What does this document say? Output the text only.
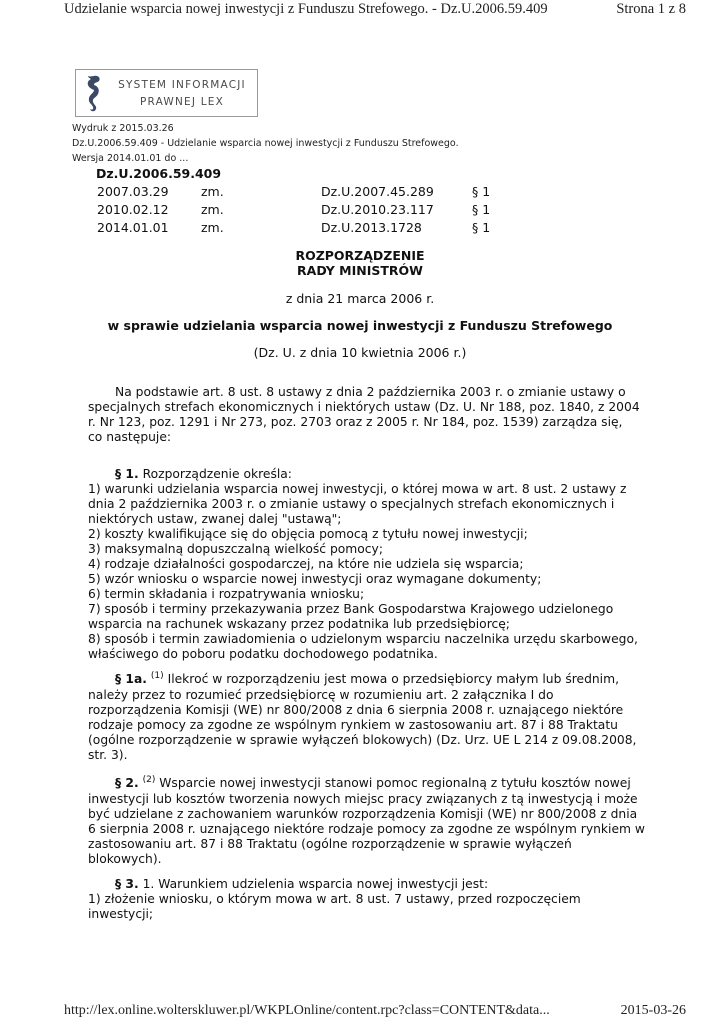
Udzielanie wsparcia nowej inwestycji z Funduszu Strefowego. - Dz.U.2006.59.409	Strona 1 z 8
SYSTEM INFORMACJI
PRAWNEJ LEX
Wydruk z 2015.03.26
Dz.U.2006.59.409 - Udzielanie wsparcia nowej inwestycji z Funduszu Strefowego.
Wersja 2014.01.01 do ...
Dz.U.2006.59.409
2007.03.29	zm.	Dz.U.2007.45.289	§ 1
2010.02.12	zm.	Dz.U.2010.23.117	§ 1
2014.01.01	zm.	Dz.U.2013.1728	§ 1
ROZPORZĄDZENIE
RADY MINISTRÓW
z dnia 21 marca 2006 r.
w sprawie udzielania wsparcia nowej inwestycji z Funduszu Strefowego
(Dz. U. z dnia 10 kwietnia 2006 r.)
Na podstawie art. 8 ust. 8 ustawy z dnia 2 października 2003 r. o zmianie ustawy o
specjalnych strefach ekonomicznych i niektórych ustaw (Dz. U. Nr 188, poz. 1840, z 2004
r. Nr 123, poz. 1291 i Nr 273, poz. 2703 oraz z 2005 r. Nr 184, poz. 1539) zarządza się,
co następuje:
§ 1. Rozporządzenie określa:
1) warunki udzielania wsparcia nowej inwestycji, o której mowa w art. 8 ust. 2 ustawy z
dnia 2 października 2003 r. o zmianie ustawy o specjalnych strefach ekonomicznych i
niektórych ustaw, zwanej dalej "ustawą";
2) koszty kwalifikujące się do objęcia pomocą z tytułu nowej inwestycji;
3) maksymalną dopuszczalną wielkość pomocy;
4) rodzaje działalności gospodarczej, na które nie udziela się wsparcia;
5) wzór wniosku o wsparcie nowej inwestycji oraz wymagane dokumenty;
6) termin składania i rozpatrywania wniosku;
7) sposób i terminy przekazywania przez Bank Gospodarstwa Krajowego udzielonego
wsparcia na rachunek wskazany przez podatnika lub przedsiębiorcę;
8) sposób i termin zawiadomienia o udzielonym wsparciu naczelnika urzędu skarbowego,
właściwego do poboru podatku dochodowego podatnika.
§ 1a. $^{(1)}$ Ilekroć w rozporządzeniu jest mowa o przedsiębiorcy małym lub średnim,
należy przez to rozumieć przedsiębiorcę w rozumieniu art. 2 załącznika I do
rozporządzenia Komisji (WE) nr 800/2008 z dnia 6 sierpnia 2008 r. uznającego niektóre
rodzaje pomocy za zgodne ze wspólnym rynkiem w zastosowaniu art. 87 i 88 Traktatu
(ogólne rozporządzenie w sprawie wyłączeń blokowych) (Dz. Urz. UE L 214 z 09.08.2008,
str. 3).
§ 2. $^{(2)}$ Wsparcie nowej inwestycji stanowi pomoc regionalną z tytułu kosztów nowej
inwestycji lub kosztów tworzenia nowych miejsc pracy związanych z tą inwestycją i może
być udzielane z zachowaniem warunków rozporządzenia Komisji (WE) nr 800/2008 z dnia
6 sierpnia 2008 r. uznającego niektóre rodzaje pomocy za zgodne ze wspólnym rynkiem w
zastosowaniu art. 87 i 88 Traktatu (ogólne rozporządzenie w sprawie wyłączeń
blokowych).
§ 3. 1. Warunkiem udzielenia wsparcia nowej inwestycji jest:
1) złożenie wniosku, o którym mowa w art. 8 ust. 7 ustawy, przed rozpoczęciem
inwestycji;
http://lex.online.wolterskluwer.pl/WKPLOnline/content.rpc?class=CONTENT&data...	2015-03-26
